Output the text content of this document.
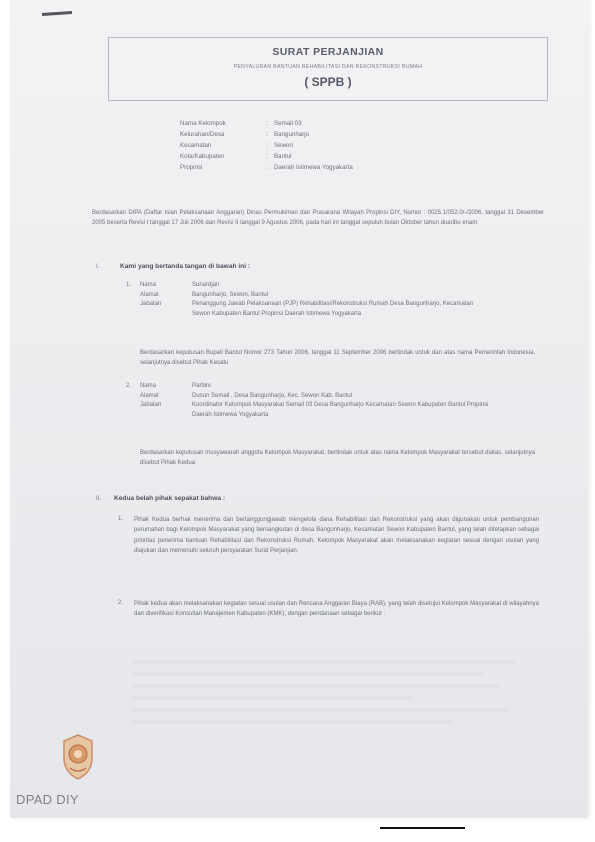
SURAT PERJANJIAN
PENYALURAN BANTUAN REHABILITASI DAN REKONSTRUKSI RUMAH
( SPPB )
Nama Kelompok	:	Semail 03
Kelurahan/Desa	:	Bangunharjo
Kecamatan	:	Sewon
Kota/Kabupaten	:	Bantul
Propinsi	:	Daerah Istimewa Yogyakarta
Berdasarkan DIPA (Daftar Isian Pelaksanaan Anggaran) Dinas Permukiman dan Prasarana Wilayah Propinsi DIY, Nomor : 0025.1/052.0/-/2006, tanggal 31 Desember 2005 beserta Revisi I tanggal 17 Juli 2006 dan Revisi II tanggal 9 Agustus 2006, pada hari ini tanggal sepuluh bulan Oktober tahun duaribu enam
I.	Kami yang bertanda tangan di bawah ini :
1. Nama	Sunardjan
Alamat	Bangunharjo, Sewon, Bantul
Jabatan	Penanggung Jawab Pelaksanaan (PJP) Rehabilitasi/Rekonstruksi Rumah Desa Bangunharjo, Kecamatan Sewon Kabupaten Bantul Propinsi Daerah Istimewa Yogyakarta
Berdasarkan keputusan Bupati Bantul Nomor 273 Tahun 2006, tanggal 11 September 2006 bertindak untuk dan atas nama Pemerintah Indonesia, selanjutnya disebut Pihak Kesatu
2. Nama	Parbini
Alamat	Dusun Semail , Desa Bangunharjo, Kec. Sewon Kab. Bantul
Jabatan	Koordinator Kelompok Masyarakat Semail 03 Desa Bangunharjo Kecamatan Sewon Kabupaten Bantul Propinsi Daerah Istimewa Yogyakarta
Berdasarkan keputusan musyawarah anggota Kelompok Masyarakat, bertindak untuk atas nama Kelompok Masyarakat tersebut diatas, selanjutnya disebut Pihak Kedua
II. Kedua belah pihak sepakat bahwa :
1. Pihak Kedua berhak menerima dan bertanggungjawab mengelola dana Rehabilitasi dan Rekonstruksi yang akan digunakan untuk pembangunan perumahan bagi Kelompok Masyarakat yang bersangkutan di desa Bangunharjo, Kecamatan Sewon Kabupaten Bantul, yang telah ditetapkan sebagai prioritas penerima bantuan Rehabilitasi dan Rekonstruksi Rumah. Kelompok Masyarakat akan melaksanakan kegiatan sesuai dengan usulan yang diajukan dan memenuhi seluruh persyaratan Surat Perjanjian.
2. Pihak kedua akan melaksanakan kegiatan sesuai usulan dan Rencana Anggaran Biaya (RAB), yang telah disetujui Kelompok Masyarakat di wilayahnya dan diverifikasi Konsultan Manajemen Kabupaten (KMK), dengan pendanaan sebagai berikut :
DPAD DIY
